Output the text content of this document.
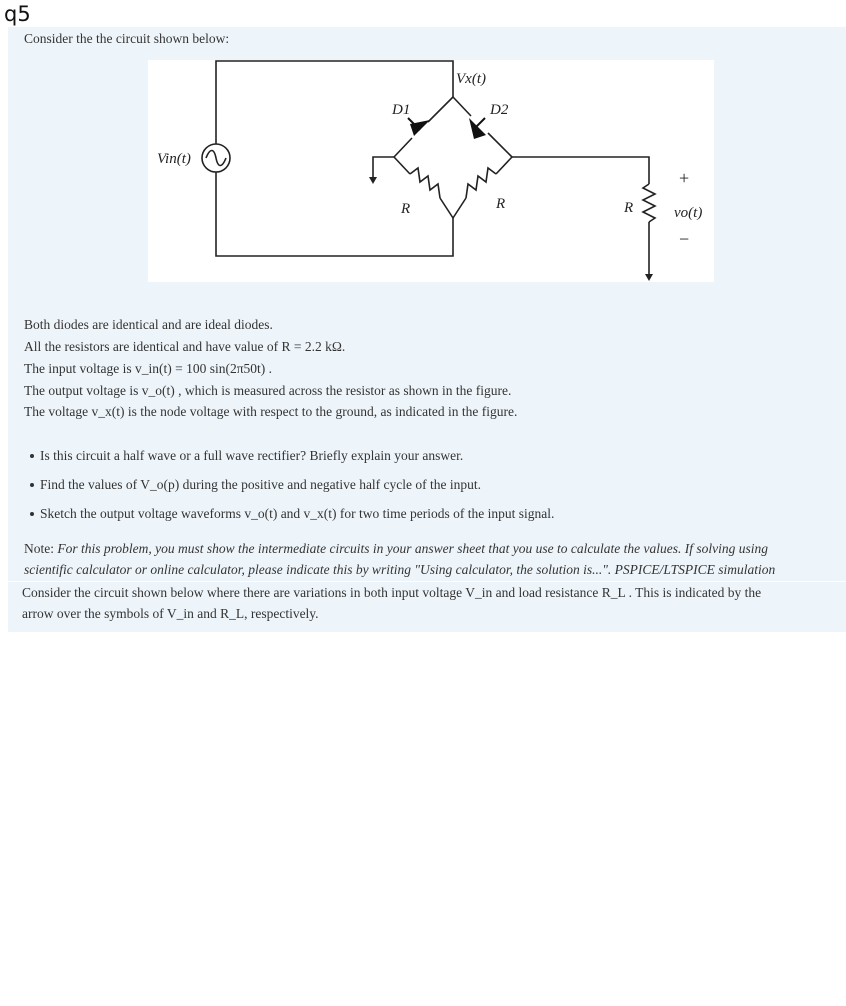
q5
Consider the the circuit shown below:
Vin(t)
Vx(t)
D1	D2
R	R	R	vo(t)
+
−
Both diodes are identical and are ideal diodes.
All the resistors are identical and have value of R = 2.2 kΩ.
The input voltage is v_in(t) = 100 sin(2π50t) .
The output voltage is v_o(t) , which is measured across the resistor as shown in the figure.
The voltage v_x(t) is the node voltage with respect to the ground, as indicated in the figure.
Is this circuit a half wave or a full wave rectifier? Briefly explain your answer.
Find the values of V_o(p) during the positive and negative half cycle of the input.
Sketch the output voltage waveforms v_o(t) and v_x(t) for two time periods of the input signal.
Note: For this problem, you must show the intermediate circuits in your answer sheet that you use to calculate the values. If solving using
scientific calculator or online calculator, please indicate this by writing "Using calculator, the solution is...". PSPICE/LTSPICE simulation
Consider the circuit shown below where there are variations in both input voltage V_in and load resistance R_L . This is indicated by the
arrow over the symbols of V_in and R_L, respectively.
